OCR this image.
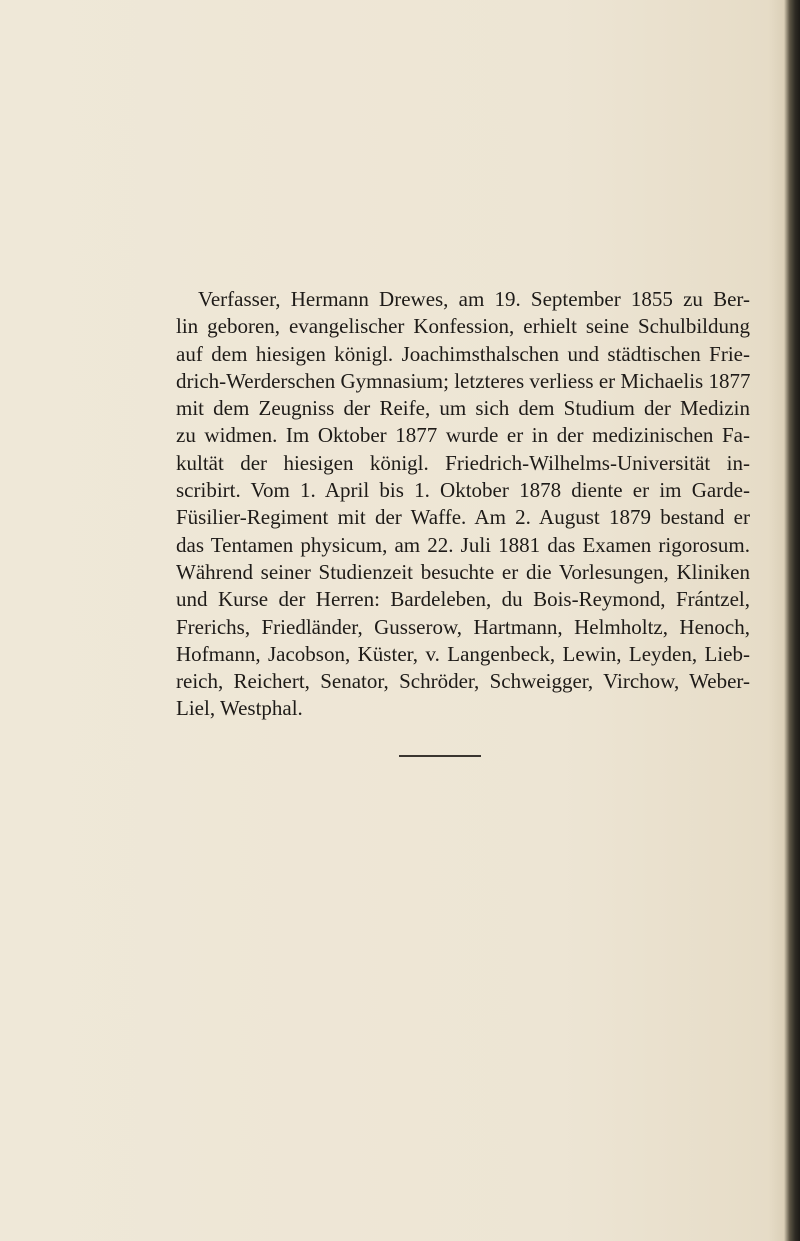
Verfasser, Hermann Drewes, am 19. September 1855 zu Ber-
lin geboren, evangelischer Konfession, erhielt seine Schulbildung
auf dem hiesigen königl. Joachimsthalschen und städtischen Frie-
drich-Werderschen Gymnasium; letzteres verliess er Michaelis 1877
mit dem Zeugniss der Reife, um sich dem Studium der Medizin
zu widmen. Im Oktober 1877 wurde er in der medizinischen Fa-
kultät der hiesigen königl. Friedrich-Wilhelms-Universität in-
scribirt. Vom 1. April bis 1. Oktober 1878 diente er im Garde-
Füsilier-Regiment mit der Waffe. Am 2. August 1879 bestand er
das Tentamen physicum, am 22. Juli 1881 das Examen rigorosum.
Während seiner Studienzeit besuchte er die Vorlesungen, Kliniken
und Kurse der Herren: Bardeleben, du Bois-Reymond, Frántzel,
Frerichs, Friedländer, Gusserow, Hartmann, Helmholtz, Henoch,
Hofmann, Jacobson, Küster, v. Langenbeck, Lewin, Leyden, Lieb-
reich, Reichert, Senator, Schröder, Schweigger, Virchow, Weber-
Liel, Westphal.
